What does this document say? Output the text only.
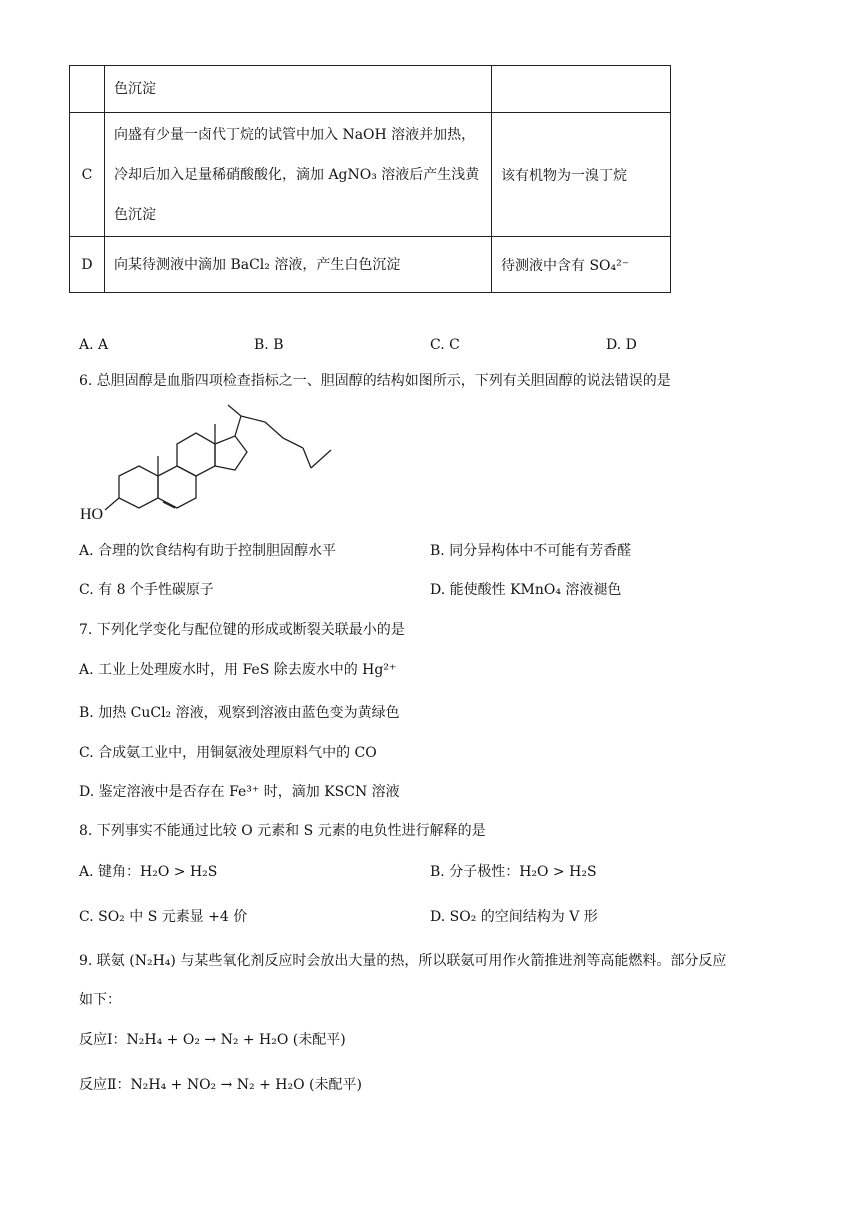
	色沉淀	
C	向盛有少量一卤代丁烷的试管中加入 NaOH 溶液并加热，
冷却后加入足量稀硝酸酸化，滴加 AgNO₃ 溶液后产生浅黄
色沉淀	该有机物为一溴丁烷
D	向某待测液中滴加 BaCl₂ 溶液，产生白色沉淀	待测液中含有 SO₄²⁻
A. A	B. B	C. C	D. D
6. 总胆固醇是血脂四项检查指标之一、胆固醇的结构如图所示，下列有关胆固醇的说法错误的是
HO
A. 合理的饮食结构有助于控制胆固醇水平	B. 同分异构体中不可能有芳香醛
C. 有 8 个手性碳原子	D. 能使酸性 KMnO₄ 溶液褪色
7. 下列化学变化与配位键的形成或断裂关联最小的是
A. 工业上处理废水时，用 FeS 除去废水中的 Hg²⁺
B. 加热 CuCl₂ 溶液，观察到溶液由蓝色变为黄绿色
C. 合成氨工业中，用铜氨液处理原料气中的 CO
D. 鉴定溶液中是否存在 Fe³⁺ 时，滴加 KSCN 溶液
8. 下列事实不能通过比较 O 元素和 S 元素的电负性进行解释的是
A. 键角：H₂O > H₂S	B. 分子极性：H₂O > H₂S
C. SO₂ 中 S 元素显 +4 价	D. SO₂ 的空间结构为 V 形
9. 联氨 (N₂H₄) 与某些氧化剂反应时会放出大量的热，所以联氨可用作火箭推进剂等高能燃料。部分反应
如下：
反应Ⅰ：N₂H₄ + O₂ → N₂ + H₂O (未配平)
反应Ⅱ：N₂H₄ + NO₂ → N₂ + H₂O (未配平)
